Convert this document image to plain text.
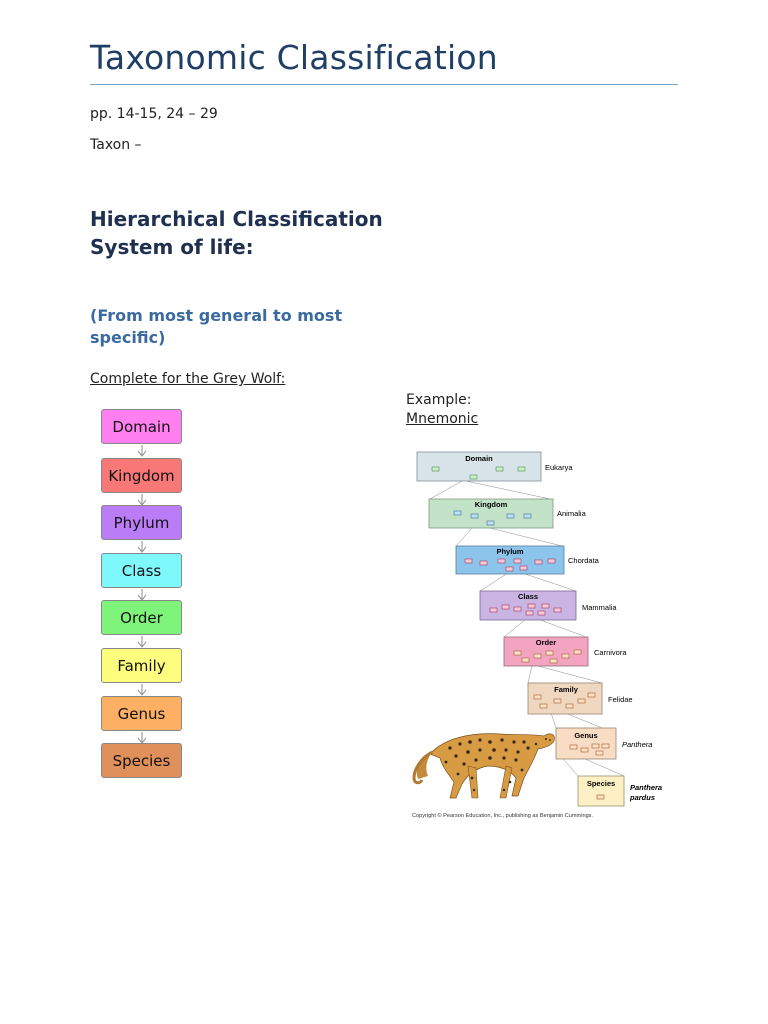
Taxonomic Classification
pp. 14-15, 24 – 29
Taxon –
Hierarchical Classification System of life:
(From most general to most specific)
Complete for the Grey Wolf:
Domain
Kingdom
Phylum
Class
Order
Family
Genus
Species
Example:
Mnemonic
Domain
Eukarya
Kingdom
Animalia
Phylum
Chordata
Class
Mammalia
Order
Carnivora
Family
Felidae
Genus
Panthera
Species Panthera pardus
Copyright © Pearson Education, Inc., publishing as Benjamin Cummings.
